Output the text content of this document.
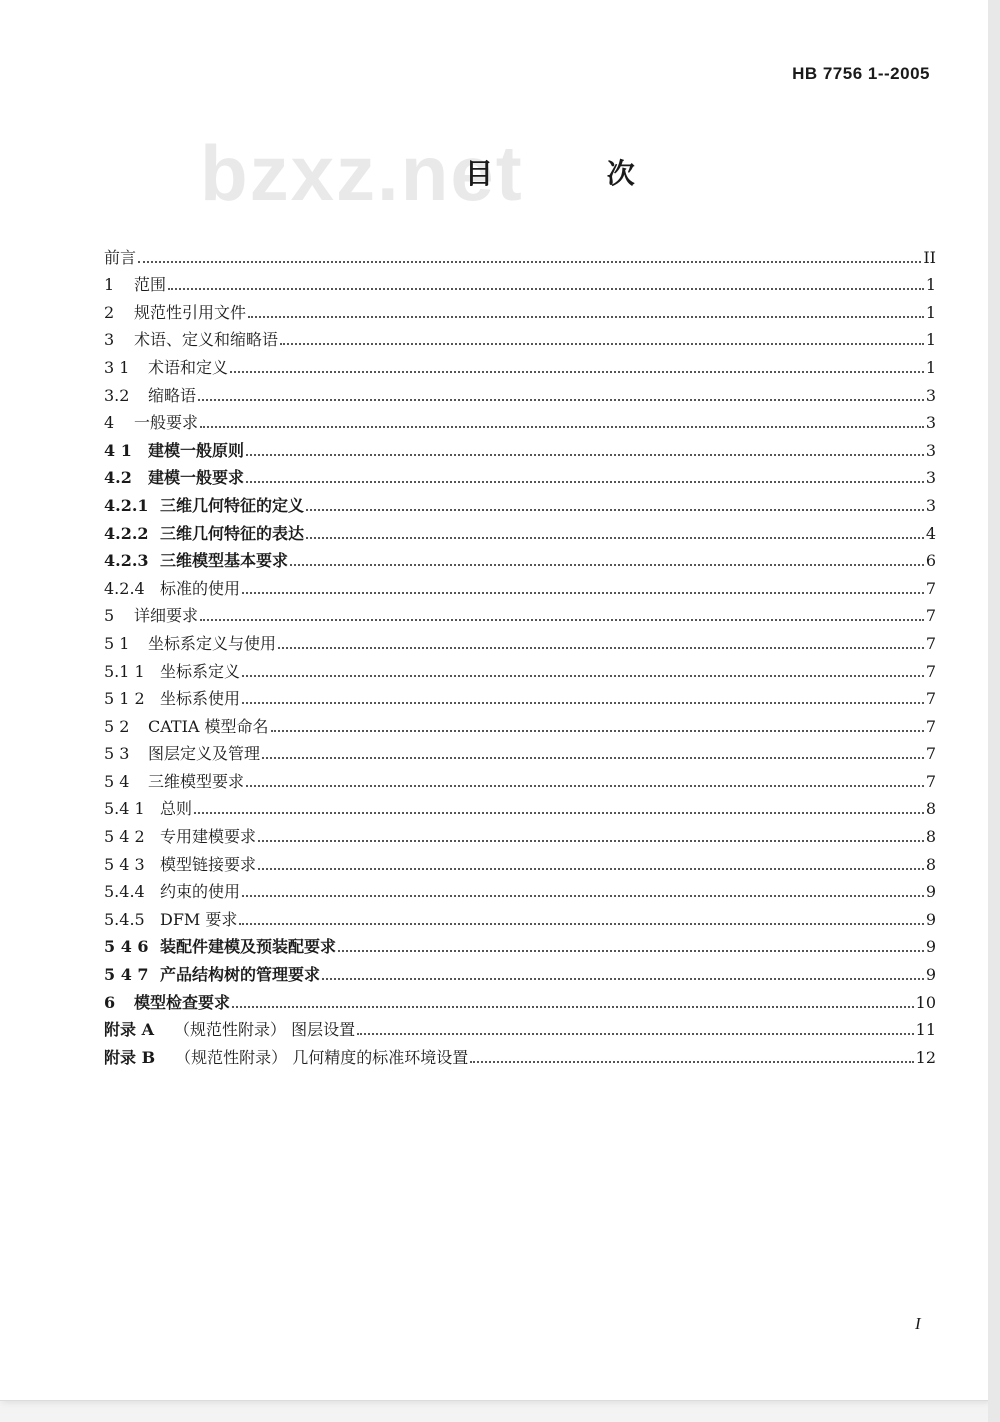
HB 7756 1--2005
bzxz.net
目 次
前言	II
1	范围	1
2	规范性引用文件	1
3	术语、定义和缩略语	1
3 1	术语和定义	1
3.2	缩略语	3
4	一般要求	3
4 1	建模一般原则	3
4.2	建模一般要求	3
4.2.1 三维几何特征的定义	3
4.2.2 三维几何特征的表达	4
4.2.3 三维模型基本要求	6
4.2.4 标准的使用	7
5	详细要求	7
5 1	坐标系定义与使用	7
5.1 1 坐标系定义	7
5 1 2 坐标系使用	7
5 2	CATIA 模型命名	7
5 3	图层定义及管理	7
5 4	三维模型要求	7
5.4 1 总则	8
5 4 2 专用建模要求	8
5 4 3 模型链接要求	8
5.4.4 约束的使用	9
5.4.5 DFM 要求	9
5 4 6 装配件建模及预装配要求	9
5 4 7 产品结构树的管理要求	9
6	模型检查要求	10
附录 A （规范性附录） 图层设置	11
附录 B （规范性附录） 几何精度的标准环境设置	12
I
